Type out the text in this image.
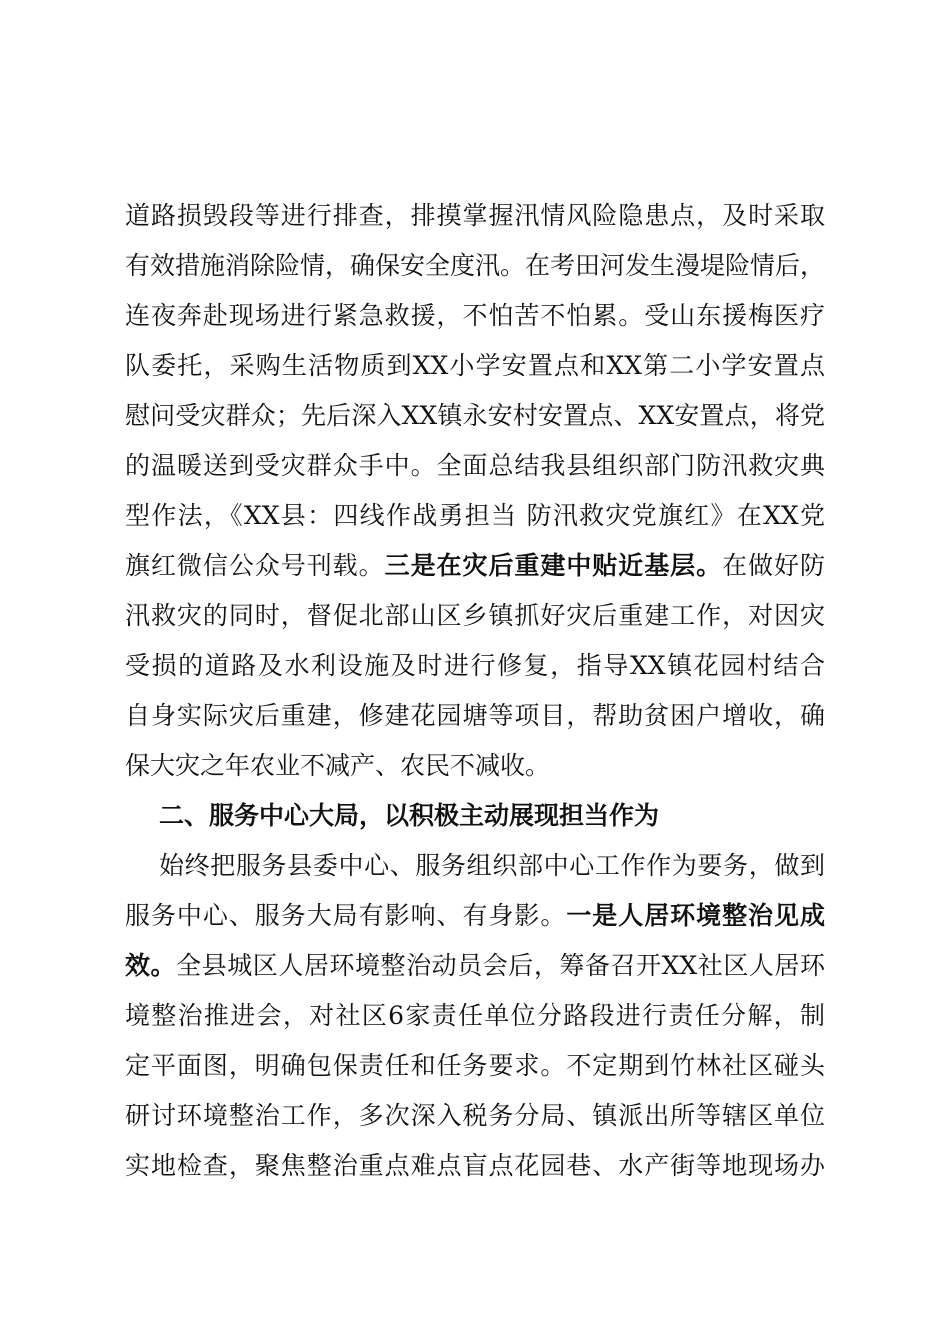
道路损毁段等进行排查，排摸掌握汛情风险隐患点，及时采取
有效措施消除险情，确保安全度汛。在考田河发生漫堤险情后，
连夜奔赴现场进行紧急救援，不怕苦不怕累。受山东援梅医疗
队委托，采购生活物质到XX小学安置点和XX第二小学安置点
慰问受灾群众；先后深入XX镇永安村安置点、XX安置点，将党
的温暖送到受灾群众手中。全面总结我县组织部门防汛救灾典
型作法，《XX县：四线作战勇担当 防汛救灾党旗红》在XX党
旗红微信公众号刊载。三是在灾后重建中贴近基层。在做好防
汛救灾的同时，督促北部山区乡镇抓好灾后重建工作，对因灾
受损的道路及水利设施及时进行修复，指导XX镇花园村结合
自身实际灾后重建，修建花园塘等项目，帮助贫困户增收，确
保大灾之年农业不减产、农民不减收。
二、服务中心大局，以积极主动展现担当作为
始终把服务县委中心、服务组织部中心工作作为要务，做到
服务中心、服务大局有影响、有身影。一是人居环境整治见成
效。全县城区人居环境整治动员会后，筹备召开XX社区人居环
境整治推进会，对社区6家责任单位分路段进行责任分解，制
定平面图，明确包保责任和任务要求。不定期到竹林社区碰头
研讨环境整治工作，多次深入税务分局、镇派出所等辖区单位
实地检查，聚焦整治重点难点盲点花园巷、水产街等地现场办
